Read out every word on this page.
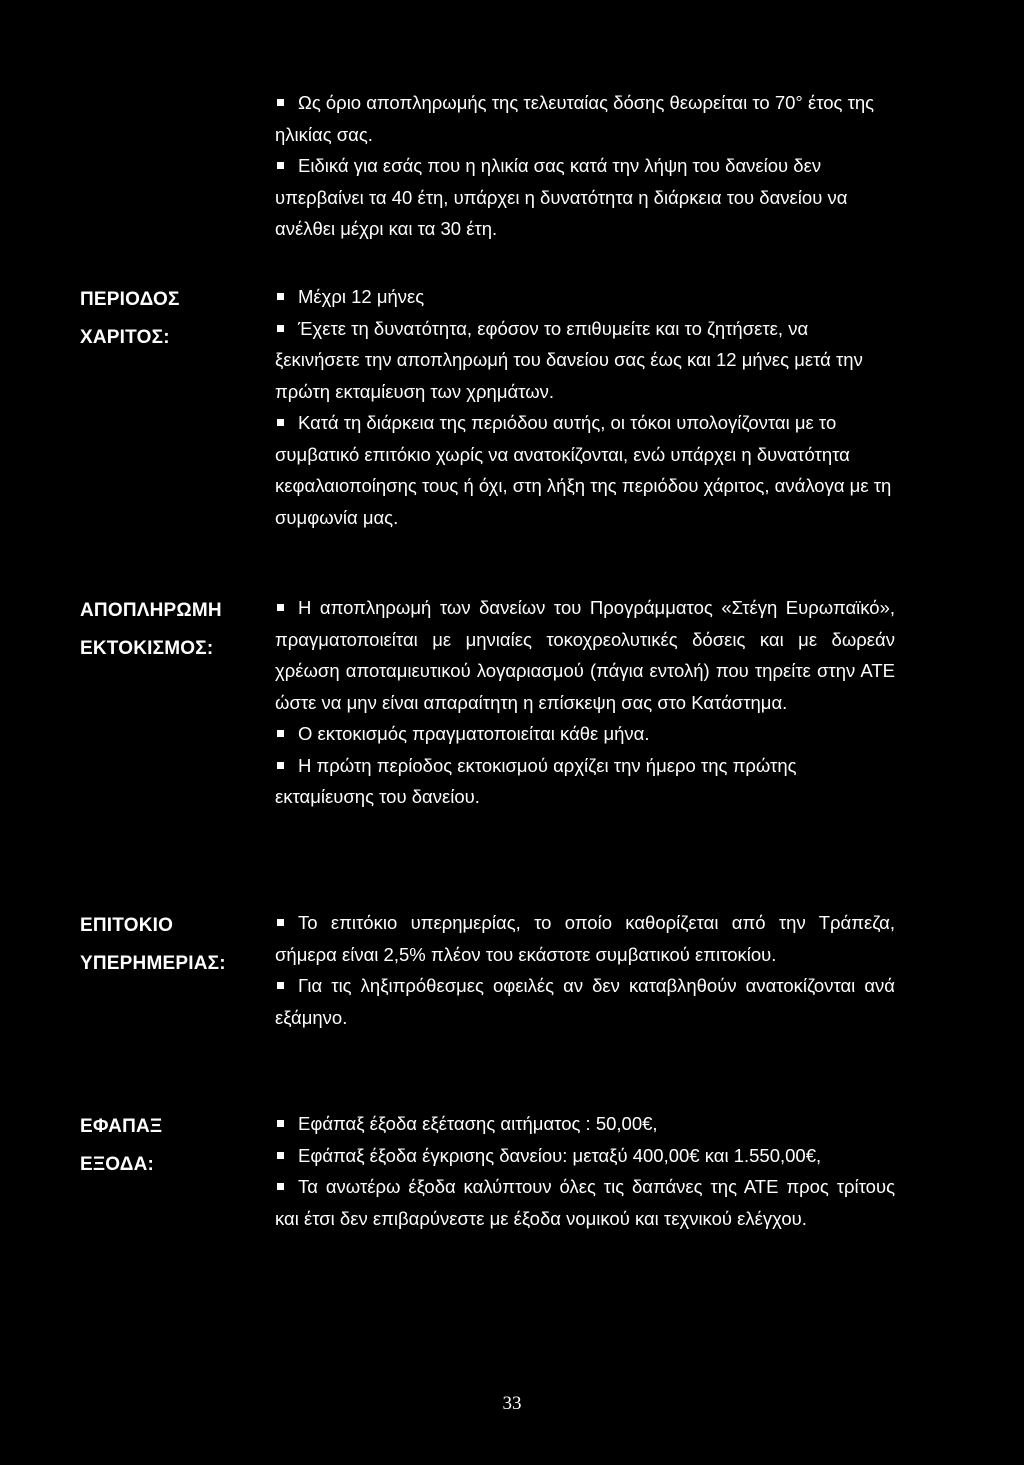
Ως όριο αποπληρωμής της τελευταίας δόσης θεωρείται το 70° έτος της ηλικίας σας.

Ειδικά για εσάς που η ηλικία σας κατά την λήψη του δανείου δεν υπερβαίνει τα 40 έτη, υπάρχει η δυνατότητα η διάρκεια του δανείου να ανέλθει μέχρι και τα 30 έτη.

ΠΕΡΙΟΔΟΣ
ΧΑΡΙΤΟΣ:

Μέχρι 12 μήνες

Έχετε τη δυνατότητα, εφόσον το επιθυμείτε και το ζητήσετε, να ξεκινήσετε την αποπληρωμή του δανείου σας έως και 12 μήνες μετά την πρώτη εκταμίευση των χρημάτων.

Κατά τη διάρκεια της περιόδου αυτής, οι τόκοι υπολογίζονται με το συμβατικό επιτόκιο χωρίς να ανατοκίζονται, ενώ υπάρχει η δυνατότητα κεφαλαιοποίησης τους ή όχι, στη λήξη της περιόδου χάριτος, ανάλογα με τη συμφωνία μας.

ΑΠΟΠΛΗΡΩΜΗ
ΕΚΤΟΚΙΣΜΟΣ:

Η αποπληρωμή των δανείων του Προγράμματος «Στέγη Ευρωπαϊκό», πραγματοποιείται με μηνιαίες τοκοχρεολυτικές δόσεις και με δωρεάν χρέωση αποταμιευτικού λογαριασμού (πάγια εντολή) που τηρείτε στην ΑΤΕ ώστε να μην είναι απαραίτητη η επίσκεψη σας στο Κατάστημα.

Ο εκτοκισμός πραγματοποιείται κάθε μήνα.

Η πρώτη περίοδος εκτοκισμού αρχίζει την ήμερο της πρώτης εκταμίευσης του δανείου.

ΕΠΙΤΟΚΙΟ
ΥΠΕΡΗΜΕΡΙΑΣ:

Το επιτόκιο υπερημερίας, το οποίο καθορίζεται από την Τράπεζα, σήμερα είναι 2,5% πλέον του εκάστοτε συμβατικού επιτοκίου.

Για τις ληξιπρόθεσμες οφειλές αν δεν καταβληθούν ανατοκίζονται ανά εξάμηνο.

ΕΦΑΠΑΞ
ΕΞΟΔΑ:

Εφάπαξ έξοδα εξέτασης αιτήματος : 50,00€,

Εφάπαξ έξοδα έγκρισης δανείου: μεταξύ 400,00€ και 1.550,00€,

Τα ανωτέρω έξοδα καλύπτουν όλες τις δαπάνες της ΑΤΕ προς τρίτους και έτσι δεν επιβαρύνεστε με έξοδα νομικού και τεχνικού ελέγχου.

33
